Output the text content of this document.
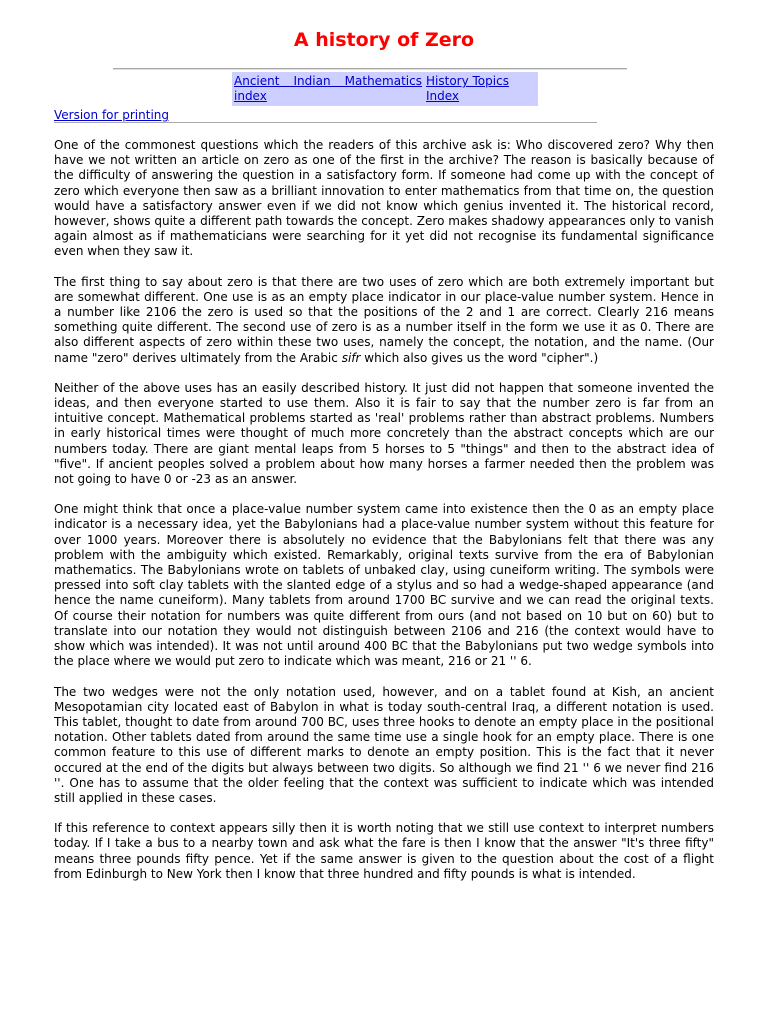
A history of Zero
Ancient Indian Mathematics index
History Topics Index
Version for printing

One of the commonest questions which the readers of this archive ask is: Who discovered zero? Why then have we not written an article on zero as one of the first in the archive? The reason is basically because of the difficulty of answering the question in a satisfactory form. If someone had come up with the concept of zero which everyone then saw as a brilliant innovation to enter mathematics from that time on, the question would have a satisfactory answer even if we did not know which genius invented it. The historical record, however, shows quite a different path towards the concept. Zero makes shadowy appearances only to vanish again almost as if mathematicians were searching for it yet did not recognise its fundamental significance even when they saw it.

The first thing to say about zero is that there are two uses of zero which are both extremely important but are somewhat different. One use is as an empty place indicator in our place-value number system. Hence in a number like 2106 the zero is used so that the positions of the 2 and 1 are correct. Clearly 216 means something quite different. The second use of zero is as a number itself in the form we use it as 0. There are also different aspects of zero within these two uses, namely the concept, the notation, and the name. (Our name "zero" derives ultimately from the Arabic sifr which also gives us the word "cipher".)

Neither of the above uses has an easily described history. It just did not happen that someone invented the ideas, and then everyone started to use them. Also it is fair to say that the number zero is far from an intuitive concept. Mathematical problems started as 'real' problems rather than abstract problems. Numbers in early historical times were thought of much more concretely than the abstract concepts which are our numbers today. There are giant mental leaps from 5 horses to 5 "things" and then to the abstract idea of "five". If ancient peoples solved a problem about how many horses a farmer needed then the problem was not going to have 0 or -23 as an answer.

One might think that once a place-value number system came into existence then the 0 as an empty place indicator is a necessary idea, yet the Babylonians had a place-value number system without this feature for over 1000 years. Moreover there is absolutely no evidence that the Babylonians felt that there was any problem with the ambiguity which existed. Remarkably, original texts survive from the era of Babylonian mathematics. The Babylonians wrote on tablets of unbaked clay, using cuneiform writing. The symbols were pressed into soft clay tablets with the slanted edge of a stylus and so had a wedge-shaped appearance (and hence the name cuneiform). Many tablets from around 1700 BC survive and we can read the original texts. Of course their notation for numbers was quite different from ours (and not based on 10 but on 60) but to translate into our notation they would not distinguish between 2106 and 216 (the context would have to show which was intended). It was not until around 400 BC that the Babylonians put two wedge symbols into the place where we would put zero to indicate which was meant, 216 or 21 '' 6.

The two wedges were not the only notation used, however, and on a tablet found at Kish, an ancient Mesopotamian city located east of Babylon in what is today south-central Iraq, a different notation is used. This tablet, thought to date from around 700 BC, uses three hooks to denote an empty place in the positional notation. Other tablets dated from around the same time use a single hook for an empty place. There is one common feature to this use of different marks to denote an empty position. This is the fact that it never occured at the end of the digits but always between two digits. So although we find 21 '' 6 we never find 216 ''. One has to assume that the older feeling that the context was sufficient to indicate which was intended still applied in these cases.

If this reference to context appears silly then it is worth noting that we still use context to interpret numbers today. If I take a bus to a nearby town and ask what the fare is then I know that the answer "It's three fifty" means three pounds fifty pence. Yet if the same answer is given to the question about the cost of a flight from Edinburgh to New York then I know that three hundred and fifty pounds is what is intended.
